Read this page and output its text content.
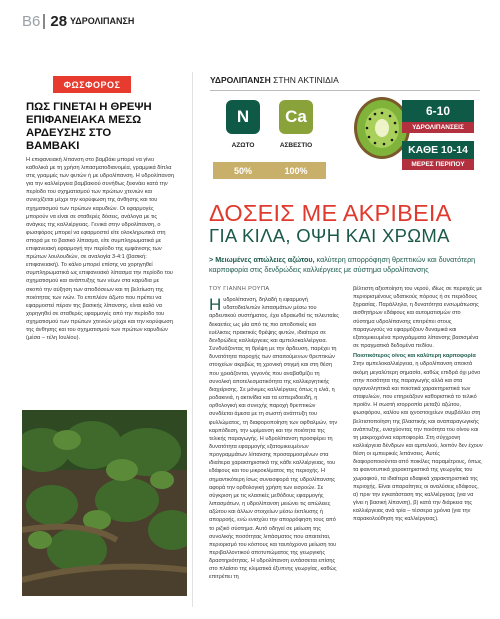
Β6 28 ΥΔΡΟΛΙΠΑΝΣΗ
ΦΩΣΦΟΡΟΣ
ΠΩΣ ΓΙΝΕΤΑΙ Η ΘΡΕΨΗ
ΕΠΙΦΑΝΕΙΑΚΑ ΜΕΣΩ
ΑΡΔΕΥΣΗΣ ΣΤΟ
ΒΑΜΒΑΚΙ
Η επιφανειακή λίπανση στο βαμβάκι μπορεί να γίνει καθολικά με τη χρήση λιπασματοδιανομέα, γραμμικά δίπλα στις γραμμές των φυτών ή με υδρολίπανση. Η υδρολίπανση για την καλλιέργεια βαμβακιού συνήθως ξεκινάει κατά την περίοδο του σχηματισμού των πρώτων χτενιών και συνεχίζεται μέχρι την κορύφωση της άνθησης και του σχηματισμού των πρώτων καρυδιών. Οι εφαρμογές μπορούν να είναι σε σταθερές δόσεις, ανάλογα με τις ανάγκες της καλλιέργειας. Γενικά στην υδρολίπανση, ο φωσφόρος μπορεί να εφαρμοστεί είτε ολοκληρωτικά στη σπορά με το βασικό λίπασμα, είτε συμπληρωματικά με επιφανειακή εφαρμογή την περίοδο της εμφάνισης των πρώτων λουλουδιών, σε αναλογία 3-4:1 (βασική: επιφανειακή). Το κάλιο μπορεί επίσης να χορηγηθεί συμπληρωματικά ως επιφανειακό λίπασμα την περίοδο του σχηματισμού και ανάπτυξης των νέων στα καρύδια με σκοπό την αύξηση των αποδόσεων και τη βελτίωση της ποιότητας των ινών. Το επιπλέον άζωτο που πρέπει να εφαρμοστεί πέραν της βασικής λίπανσης, είναι καλό να χορηγηθεί σε σταθερές εφαρμογές από την περίοδο του σχηματισμού των πρώτων χτενιών μέχρι και την κορύφωση της άνθησης και του σχηματισμού των πρώτων καρυδιών (μέσα – τέλη Ιουλίου).
ΥΔΡΟΛΙΠΑΝΣΗ ΣΤΗΝ ΑΚΤΙΝΙΔΙΑ
N	Ca
ΑΖΩΤΟ	ΑΣΒΕΣΤΙΟ
50%	100%
6-10
ΥΔΡΟΛΙΠΑΝΣΕΙΣ
ΚΑΘΕ 10-14
ΜΕΡΕΣ ΠΕΡΙΠΟΥ
ΔΟΣΕΙΣ ΜΕ ΑΚΡΙΒΕΙΑ
ΓΙΑ ΚΙΛΑ, ΟΨΗ ΚΑΙ ΧΡΩΜΑ
> Μειωμένες απώλειες αζώτου, καλύτερη απορρόφηση θρεπτικών και δυνατότερη καρποφορία στις δενδρώδεις καλλιέργειες με σύστημα υδρολίπανσης
ΤΟΥ ΓΙΑΝΝΗ ΡΟΥΠΑ

Η υδρολίπανση, δηλαδή η εφαρμογή υδατοδιαλυτών λιπασμάτων μέσω του αρδευτικού συστήματος, έχει εδραιωθεί τις τελευταίες δεκαετίες ως μία από τις πιο αποδοτικές και ευέλικτες πρακτικές θρέψης φυτών, ιδιαίτερα σε δενδρώδεις καλλιέργειες και αμπελοκαλλιέργεια. Συνδυάζοντας τη θρέψη με την άρδευση, παρέχει τη δυνατότητα παροχής των απαιτούμενων θρεπτικών στοιχείων ακριβώς τη χρονική στιγμή και στη θέση που χρειάζονται, γεγονός που αναβαθμίζει τη συνολική αποτελεσματικότητα της καλλιεργητικής διαχείρισης. Σε μόνιμες καλλιέργειες όπως η ελιά, η ροδακινιά, η ακτινίδια και τα εσπεριδοειδή, η ορθολογική και συνεχής παροχή θρεπτικών συνδέεται άμεσα με τη σωστή ανάπτυξη του φυλλώματος, τη διαφοροποίηση των οφθαλμών, την καρπόδεση, την ωρίμανση και την ποιότητα της τελικής παραγωγής. Η υδρολίπανση προσφέρει τη δυνατότητα εφαρμογής εξατομικευμένων προγραμμάτων λίπανσης προσαρμοσμένων στα ιδιαίτερα χαρακτηριστικά της κάθε καλλιέργειας, του εδάφους και του μικροκλίματος της περιοχής. Η σημαντικότερη ίσως συνεισφορά της υδρολίπανσης αφορά την ορθολογική χρήση των εισροών. Σε σύγκριση με τις κλασικές μεθόδους εφαρμογής λιπασμάτων, η υδρολίπανση μειώνει τις απώλειες αζώτου και άλλων στοιχείων μέσω έκπλυσης ή απορροής, ενώ ενισχύει την απορρόφηση τους από το ριζικό σύστημα. Αυτό οδηγεί σε μείωση της συνολικής ποσότητας λιπάσματος που απαιτείται, περιορισμό του κόστους και ταυτόχρονα μείωση του περιβαλλοντικού αποτυπώματος της γεωργικής δραστηριότητας. Η υδρολίπανση εντάσσεται επίσης στο πλαίσιο της κλιματικά έξυπνης γεωργίας, καθώς επιτρέπει τη

βέλτιστη αξιοποίηση του νερού, ιδίως σε περιοχές με περιορισμένους υδατικούς πόρους ή σε περιόδους ξηρασίας. Παράλληλα, η δυνατότητα ενσωμάτωσης αισθητήρων εδάφους και αυτοματισμών στο σύστημα υδρολίπανσης επιτρέπει στους παραγωγούς να εφαρμόζουν δυναμικά και εξατομικευμένα προγράμματα λίπανσης βασισμένα σε πραγματικά δεδομένα πεδίου.

Ποιοτικότερος οίνος και καλύτερη καρποφορία

Στην αμπελοκαλλιέργεια, η υδρολίπανση αποκτά ακόμη μεγαλύτερη σημασία, καθώς επιδρά όχι μόνο στην ποσότητα της παραγωγής αλλά και στα οργανοληπτικά και ποιοτικά χαρακτηριστικά των σταφυλιών, που επηρεάζουν καθοριστικά το τελικό προϊόν. Η σωστή ισορροπία μεταξύ αζώτου, φωσφόρου, καλίου και ιχνοστοιχείων συμβάλλει στη βελτιστοποίηση της βλαστικής και αναπαραγωγικής ανάπτυξης, ενισχύοντας την ποιότητα του οίνου και τη μακροχρόνια καρποφορία. Στη σύγχρονη καλλιέργεια δένδρων και αμπελιού, λοιπόν δεν έχουν θέση οι εμπειρικές λιπάνσεις. Αυτές διαφοροποιούνται από ποικίλες παραμέτρους, όπως τα φαινοτυπικά χαρακτηριστικά της γεωργίας του χωραφιού, τα ιδιαίτερα εδαφικά χαρακτηριστικά της περιοχής. Είναι απαραίτητες οι αναλύσεις εδάφους, α) πριν την εγκατάσταση της καλλιέργειας (για να γίνει η βασική λίπανση), β) κατά την διάρκεια της καλλιέργειας ανά τρία – τέσσερα χρόνια (για την παρακολούθηση της καλλιέργειας).
